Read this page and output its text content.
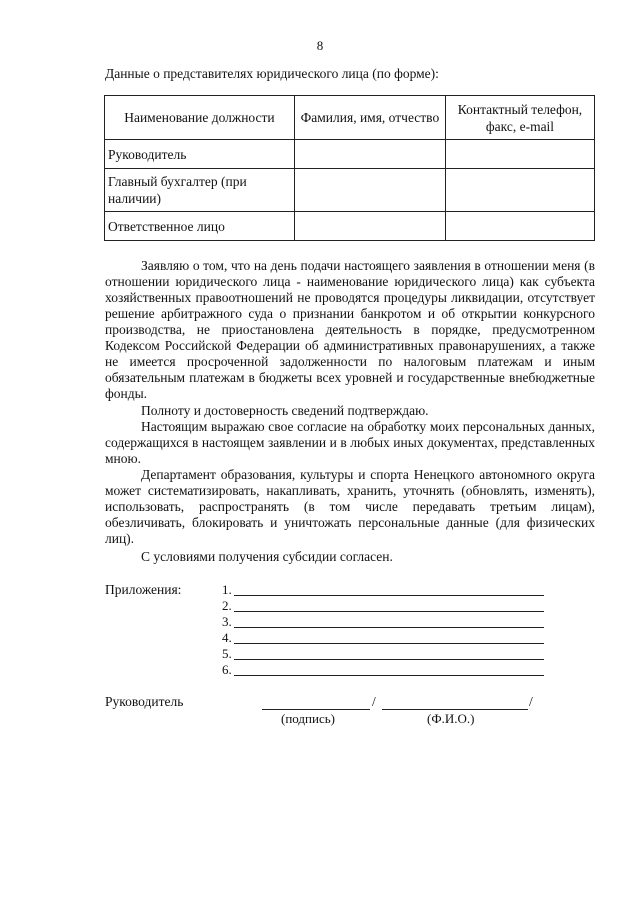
8
Данные о представителях юридического лица (по форме):
Наименование должности	Фамилия, имя, отчество	Контактный телефон, факс, e-mail
Руководитель		
Главный бухгалтер (при наличии)		
Ответственное лицо		
Заявляю о том, что на день подачи настоящего заявления в отношении меня (в отношении юридического лица - наименование юридического лица) как субъекта хозяйственных правоотношений не проводятся процедуры ликвидации, отсутствует решение арбитражного суда о признании банкротом и об открытии конкурсного производства, не приостановлена деятельность в порядке, предусмотренном Кодексом Российской Федерации об административных правонарушениях, а также не имеется просроченной задолженности по налоговым платежам и иным обязательным платежам в бюджеты всех уровней и государственные внебюджетные фонды.
Полноту и достоверность сведений подтверждаю.
Настоящим выражаю свое согласие на обработку моих персональных данных, содержащихся в настоящем заявлении и в любых иных документах, представленных мною.
Департамент образования, культуры и спорта Ненецкого автономного округа может систематизировать, накапливать, хранить, уточнять (обновлять, изменять), использовать, распространять (в том числе передавать третьим лицам), обезличивать, блокировать и уничтожать персональные данные (для физических лиц).
С условиями получения субсидии согласен.
Приложения:	1.
2.
3.
4.
5.
6.
Руководитель	/	/
(подпись)	(Ф.И.О.)
